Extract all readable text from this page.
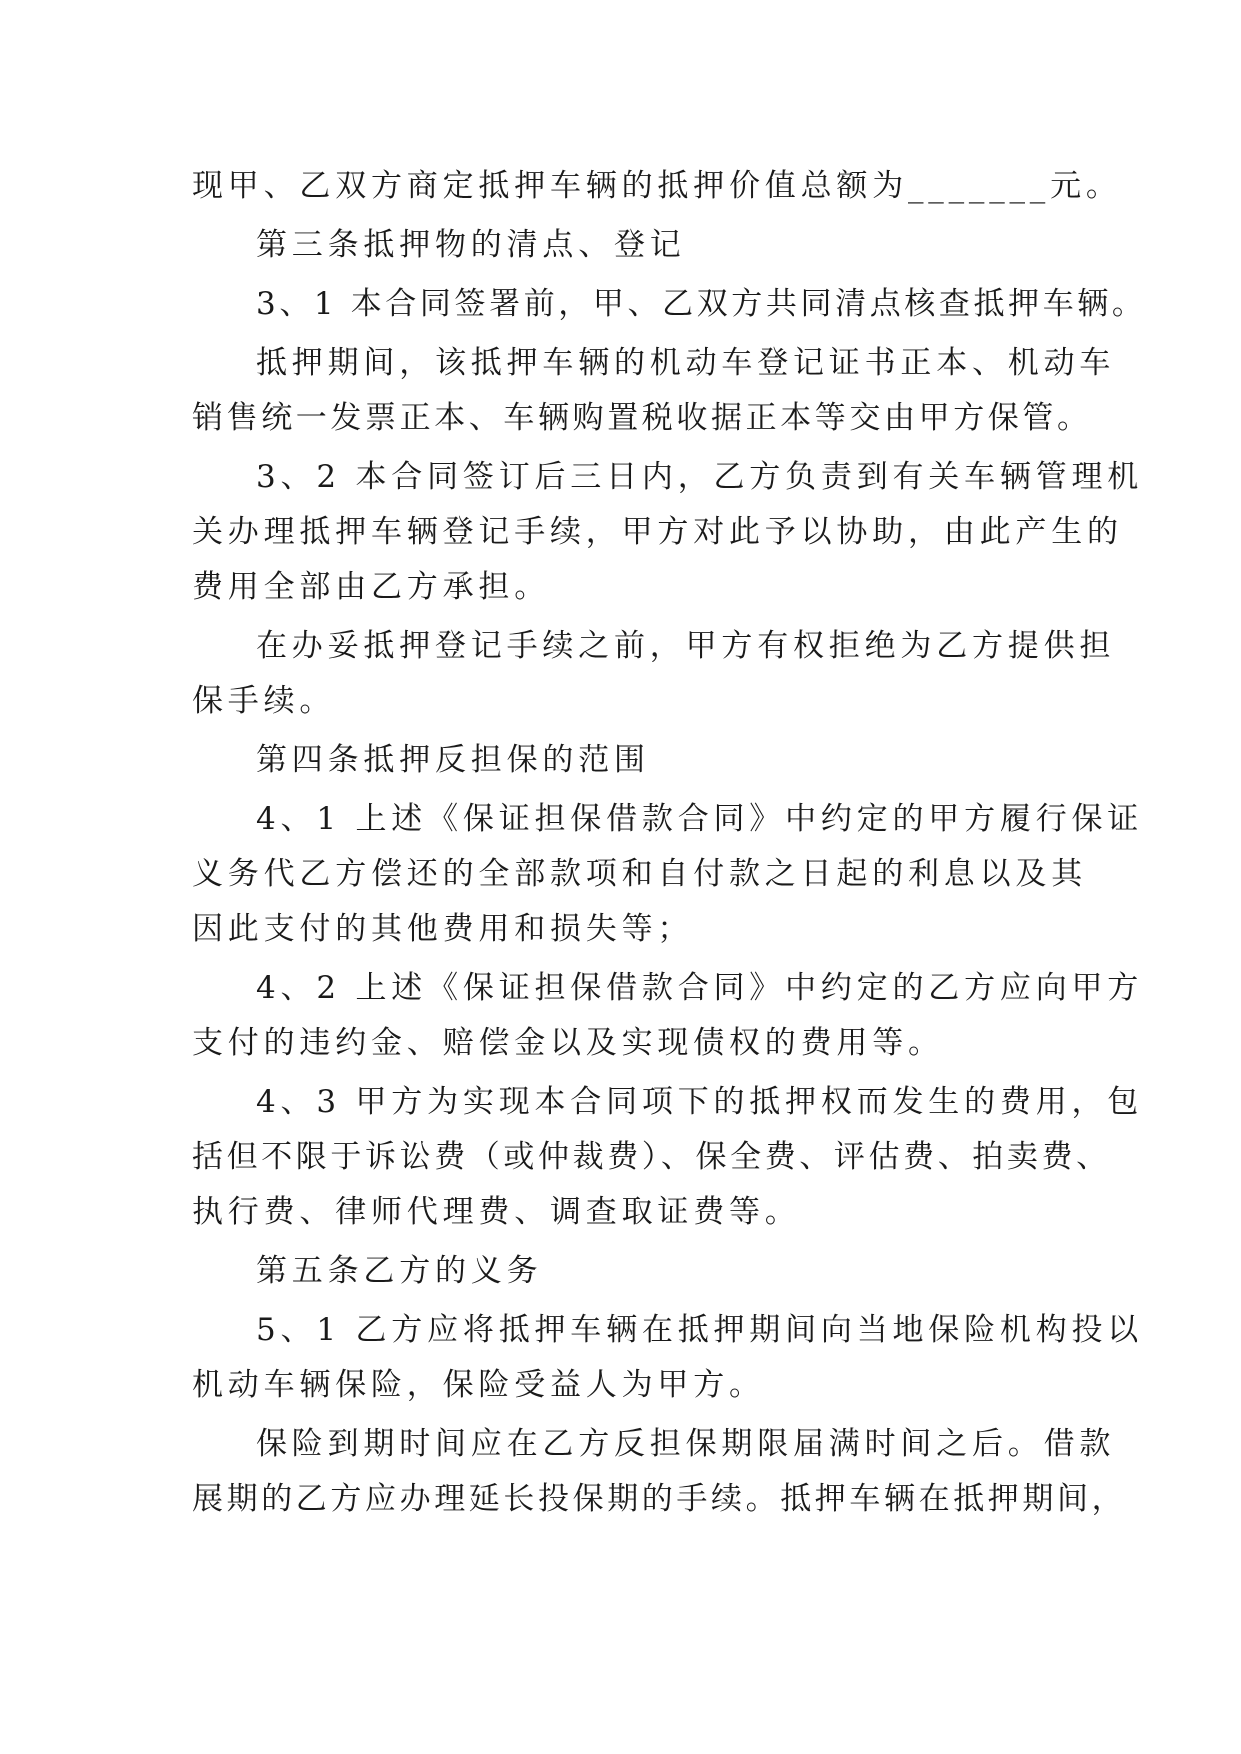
现甲、乙双方商定抵押车辆的抵押价值总额为_______元。
第三条抵押物的清点、登记
3、1 本合同签署前，甲、乙双方共同清点核查抵押车辆。
抵押期间，该抵押车辆的机动车登记证书正本、机动车
销售统一发票正本、车辆购置税收据正本等交由甲方保管。
3、2 本合同签订后三日内，乙方负责到有关车辆管理机
关办理抵押车辆登记手续，甲方对此予以协助，由此产生的
费用全部由乙方承担。
在办妥抵押登记手续之前，甲方有权拒绝为乙方提供担
保手续。
第四条抵押反担保的范围
4、1 上述《保证担保借款合同》中约定的甲方履行保证
义务代乙方偿还的全部款项和自付款之日起的利息以及其
因此支付的其他费用和损失等；
4、2 上述《保证担保借款合同》中约定的乙方应向甲方
支付的违约金、赔偿金以及实现债权的费用等。
4、3 甲方为实现本合同项下的抵押权而发生的费用，包
括但不限于诉讼费（或仲裁费）、保全费、评估费、拍卖费、
执行费、律师代理费、调查取证费等。
第五条乙方的义务
5、1 乙方应将抵押车辆在抵押期间向当地保险机构投以
机动车辆保险，保险受益人为甲方。
保险到期时间应在乙方反担保期限届满时间之后。借款
展期的乙方应办理延长投保期的手续。抵押车辆在抵押期间，
